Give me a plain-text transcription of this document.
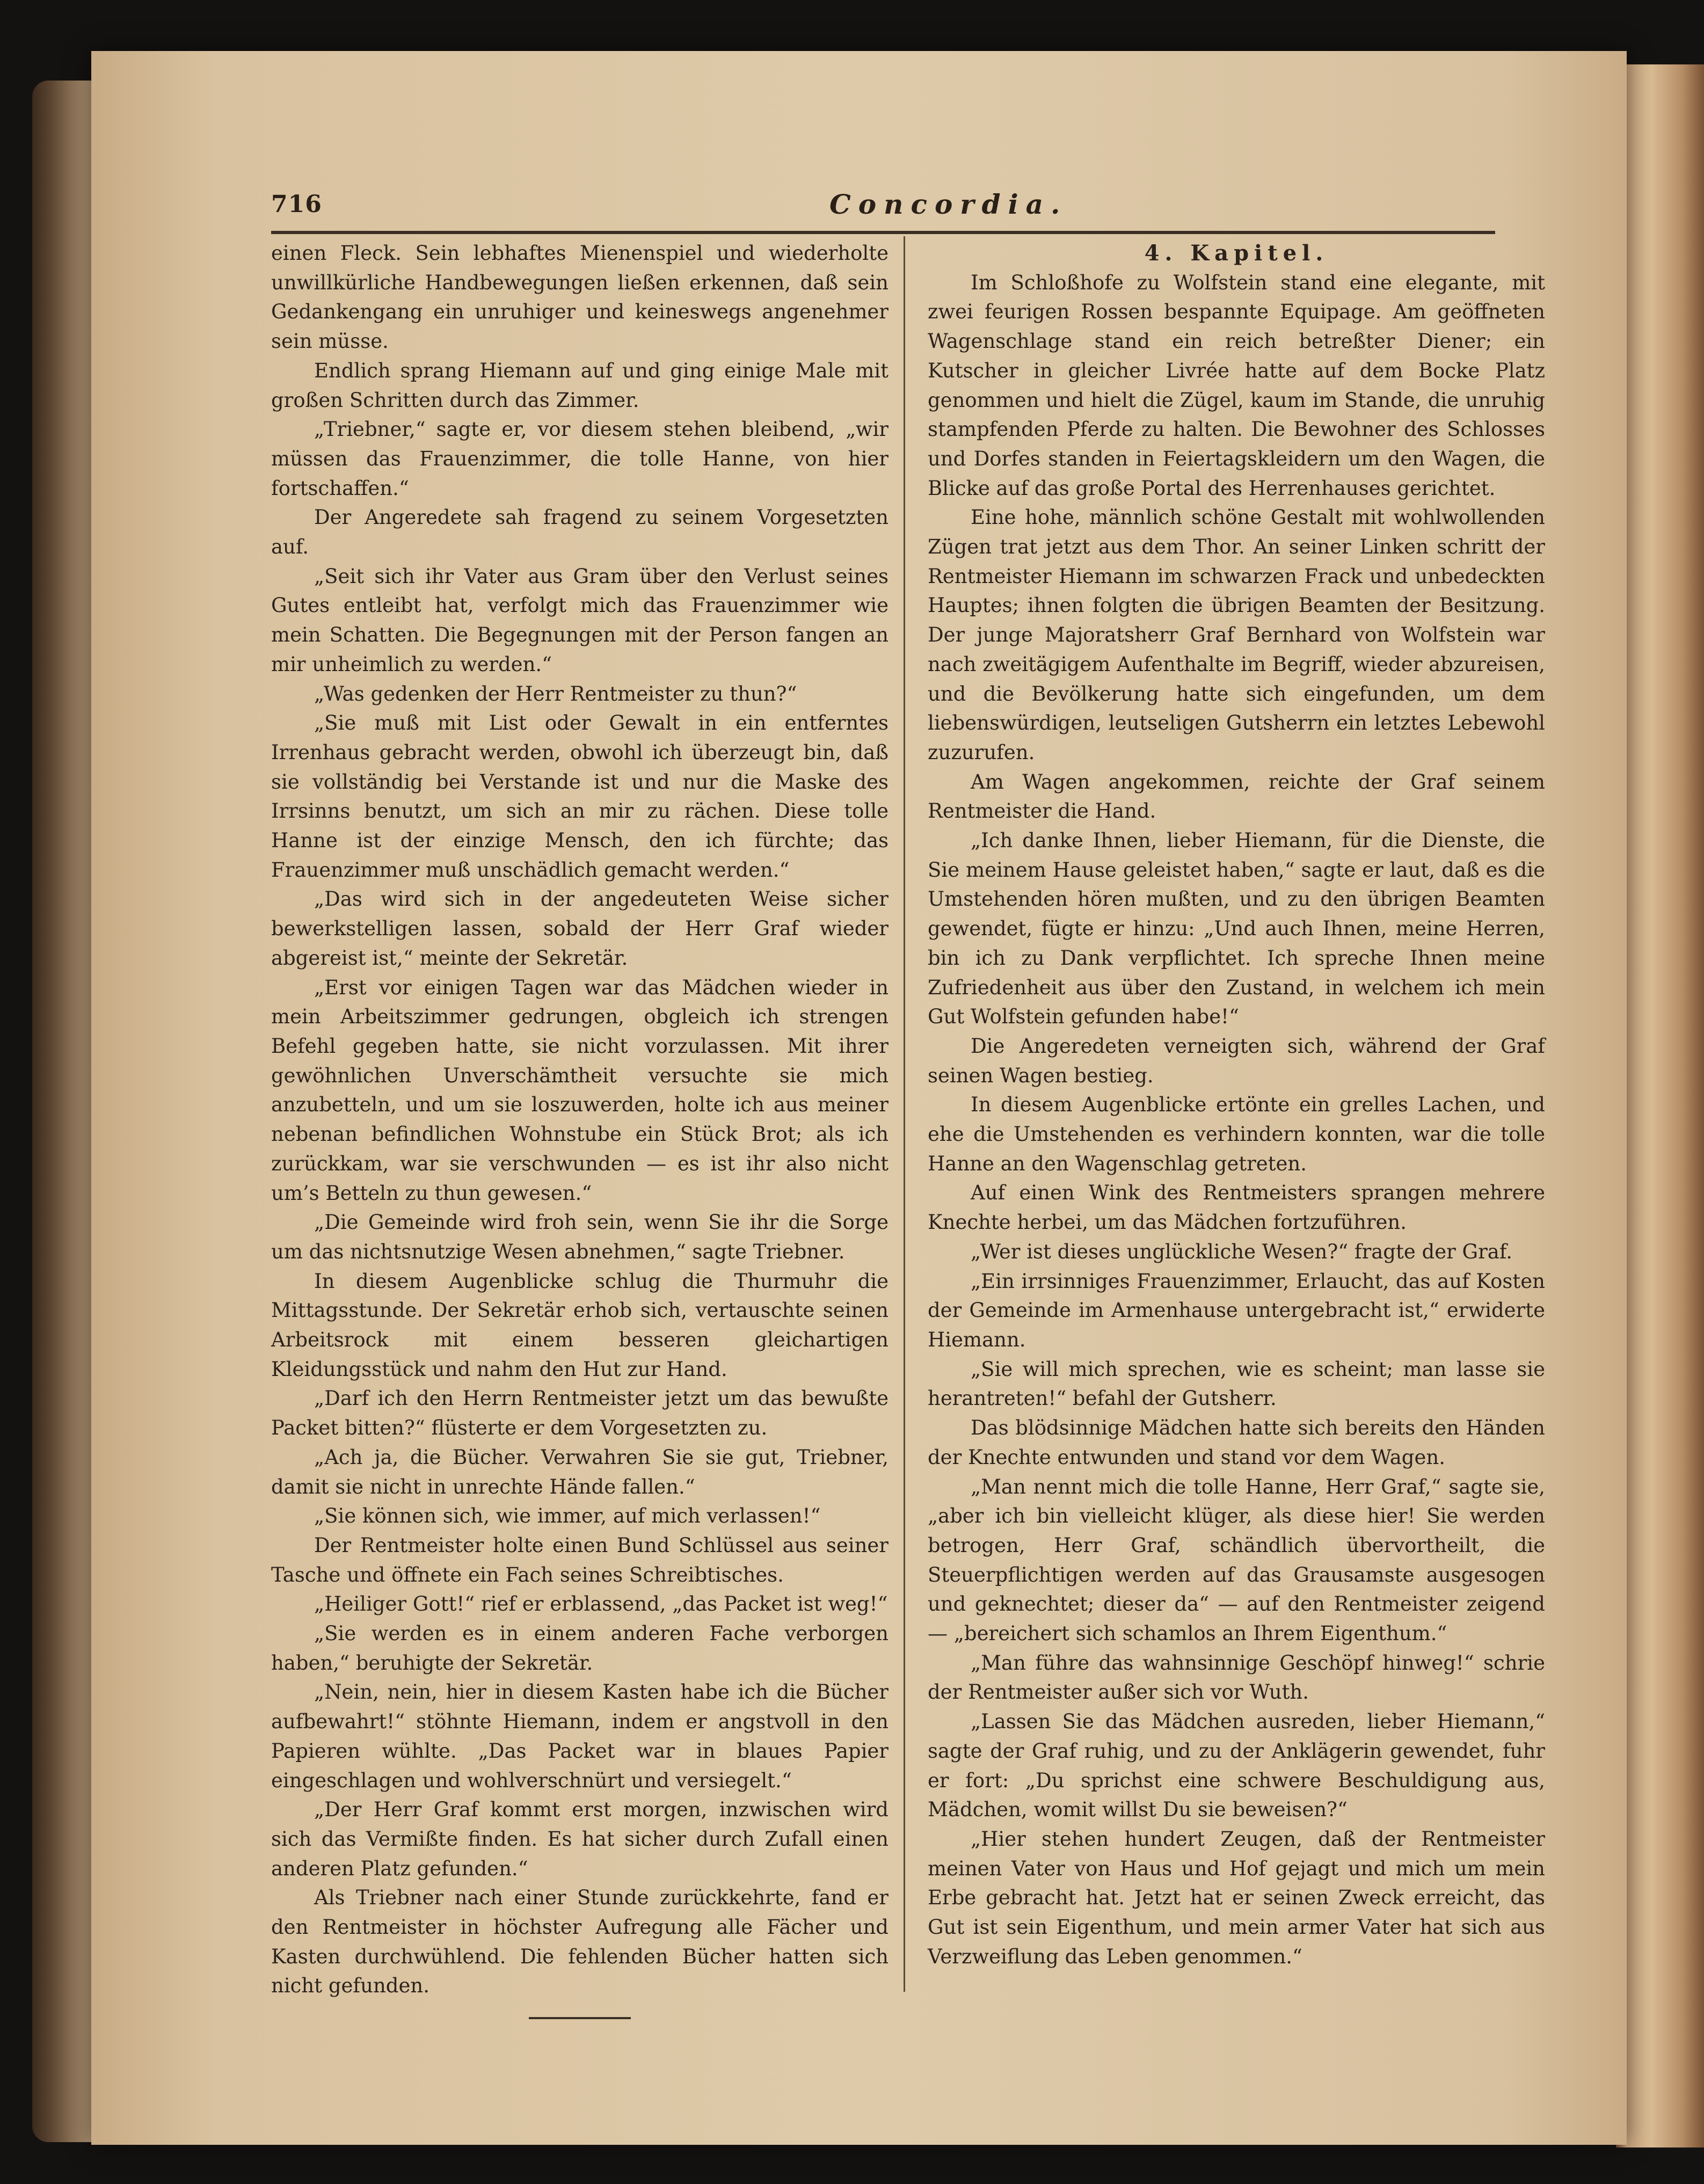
716	Concordia.

einen Fleck. Sein lebhaftes Mienenspiel und wiederholte unwillkürliche Handbewegungen ließen erkennen, daß sein Gedankengang ein unruhiger und keineswegs angenehmer sein müsse.

Endlich sprang Hiemann auf und ging einige Male mit großen Schritten durch das Zimmer.

„Triebner,“ sagte er, vor diesem stehen bleibend, „wir müssen das Frauenzimmer, die tolle Hanne, von hier fortschaffen.“

Der Angeredete sah fragend zu seinem Vorgesetzten auf.

„Seit sich ihr Vater aus Gram über den Verlust seines Gutes entleibt hat, verfolgt mich das Frauenzimmer wie mein Schatten. Die Begegnungen mit der Person fangen an mir unheimlich zu werden.“

„Was gedenken der Herr Rentmeister zu thun?“

„Sie muß mit List oder Gewalt in ein entferntes Irrenhaus gebracht werden, obwohl ich überzeugt bin, daß sie vollständig bei Verstande ist und nur die Maske des Irrsinns benutzt, um sich an mir zu rächen. Diese tolle Hanne ist der einzige Mensch, den ich fürchte; das Frauenzimmer muß unschädlich gemacht werden.“

„Das wird sich in der angedeuteten Weise sicher bewerkstelligen lassen, sobald der Herr Graf wieder abgereist ist,“ meinte der Sekretär.

„Erst vor einigen Tagen war das Mädchen wieder in mein Arbeitszimmer gedrungen, obgleich ich strengen Befehl gegeben hatte, sie nicht vorzulassen. Mit ihrer gewöhnlichen Unverschämtheit versuchte sie mich anzubetteln, und um sie loszuwerden, holte ich aus meiner nebenan befindlichen Wohnstube ein Stück Brot; als ich zurückkam, war sie verschwunden — es ist ihr also nicht um’s Betteln zu thun gewesen.“

„Die Gemeinde wird froh sein, wenn Sie ihr die Sorge um das nichtsnutzige Wesen abnehmen,“ sagte Triebner.

In diesem Augenblicke schlug die Thurmuhr die Mittagsstunde. Der Sekretär erhob sich, vertauschte seinen Arbeitsrock mit einem besseren gleichartigen Kleidungsstück und nahm den Hut zur Hand.

„Darf ich den Herrn Rentmeister jetzt um das bewußte Packet bitten?“ flüsterte er dem Vorgesetzten zu.

„Ach ja, die Bücher. Verwahren Sie sie gut, Triebner, damit sie nicht in unrechte Hände fallen.“

„Sie können sich, wie immer, auf mich verlassen!“

Der Rentmeister holte einen Bund Schlüssel aus seiner Tasche und öffnete ein Fach seines Schreibtisches.

„Heiliger Gott!“ rief er erblassend, „das Packet ist weg!“

„Sie werden es in einem anderen Fache verborgen haben,“ beruhigte der Sekretär.

„Nein, nein, hier in diesem Kasten habe ich die Bücher aufbewahrt!“ stöhnte Hiemann, indem er angstvoll in den Papieren wühlte. „Das Packet war in blaues Papier eingeschlagen und wohlverschnürt und versiegelt.“

„Der Herr Graf kommt erst morgen, inzwischen wird sich das Vermißte finden. Es hat sicher durch Zufall einen anderen Platz gefunden.“

Als Triebner nach einer Stunde zurückkehrte, fand er den Rentmeister in höchster Aufregung alle Fächer und Kasten durchwühlend. Die fehlenden Bücher hatten sich nicht gefunden.

4. Kapitel.

Im Schloßhofe zu Wolfstein stand eine elegante, mit zwei feurigen Rossen bespannte Equipage. Am geöffneten Wagenschlage stand ein reich betreßter Diener; ein Kutscher in gleicher Livrée hatte auf dem Bocke Platz genommen und hielt die Zügel, kaum im Stande, die unruhig stampfenden Pferde zu halten. Die Bewohner des Schlosses und Dorfes standen in Feiertagskleidern um den Wagen, die Blicke auf das große Portal des Herrenhauses gerichtet.

Eine hohe, männlich schöne Gestalt mit wohlwollenden Zügen trat jetzt aus dem Thor. An seiner Linken schritt der Rentmeister Hiemann im schwarzen Frack und unbedeckten Hauptes; ihnen folgten die übrigen Beamten der Besitzung. Der junge Majoratsherr Graf Bernhard von Wolfstein war nach zweitägigem Aufenthalte im Begriff, wieder abzureisen, und die Bevölkerung hatte sich eingefunden, um dem liebenswürdigen, leutseligen Gutsherrn ein letztes Lebewohl zuzurufen.

Am Wagen angekommen, reichte der Graf seinem Rentmeister die Hand.

„Ich danke Ihnen, lieber Hiemann, für die Dienste, die Sie meinem Hause geleistet haben,“ sagte er laut, daß es die Umstehenden hören mußten, und zu den übrigen Beamten gewendet, fügte er hinzu: „Und auch Ihnen, meine Herren, bin ich zu Dank verpflichtet. Ich spreche Ihnen meine Zufriedenheit aus über den Zustand, in welchem ich mein Gut Wolfstein gefunden habe!“

Die Angeredeten verneigten sich, während der Graf seinen Wagen bestieg.

In diesem Augenblicke ertönte ein grelles Lachen, und ehe die Umstehenden es verhindern konnten, war die tolle Hanne an den Wagenschlag getreten.

Auf einen Wink des Rentmeisters sprangen mehrere Knechte herbei, um das Mädchen fortzuführen.

„Wer ist dieses unglückliche Wesen?“ fragte der Graf.

„Ein irrsinniges Frauenzimmer, Erlaucht, das auf Kosten der Gemeinde im Armenhause untergebracht ist,“ erwiderte Hiemann.

„Sie will mich sprechen, wie es scheint; man lasse sie herantreten!“ befahl der Gutsherr.

Das blödsinnige Mädchen hatte sich bereits den Händen der Knechte entwunden und stand vor dem Wagen.

„Man nennt mich die tolle Hanne, Herr Graf,“ sagte sie, „aber ich bin vielleicht klüger, als diese hier! Sie werden betrogen, Herr Graf, schändlich übervortheilt, die Steuerpflichtigen werden auf das Grausamste ausgesogen und geknechtet; dieser da“ — auf den Rentmeister zeigend — „bereichert sich schamlos an Ihrem Eigenthum.“

„Man führe das wahnsinnige Geschöpf hinweg!“ schrie der Rentmeister außer sich vor Wuth.

„Lassen Sie das Mädchen ausreden, lieber Hiemann,“ sagte der Graf ruhig, und zu der Anklägerin gewendet, fuhr er fort: „Du sprichst eine schwere Beschuldigung aus, Mädchen, womit willst Du sie beweisen?“

„Hier stehen hundert Zeugen, daß der Rentmeister meinen Vater von Haus und Hof gejagt und mich um mein Erbe gebracht hat. Jetzt hat er seinen Zweck erreicht, das Gut ist sein Eigenthum, und mein armer Vater hat sich aus Verzweiflung das Leben genommen.“
